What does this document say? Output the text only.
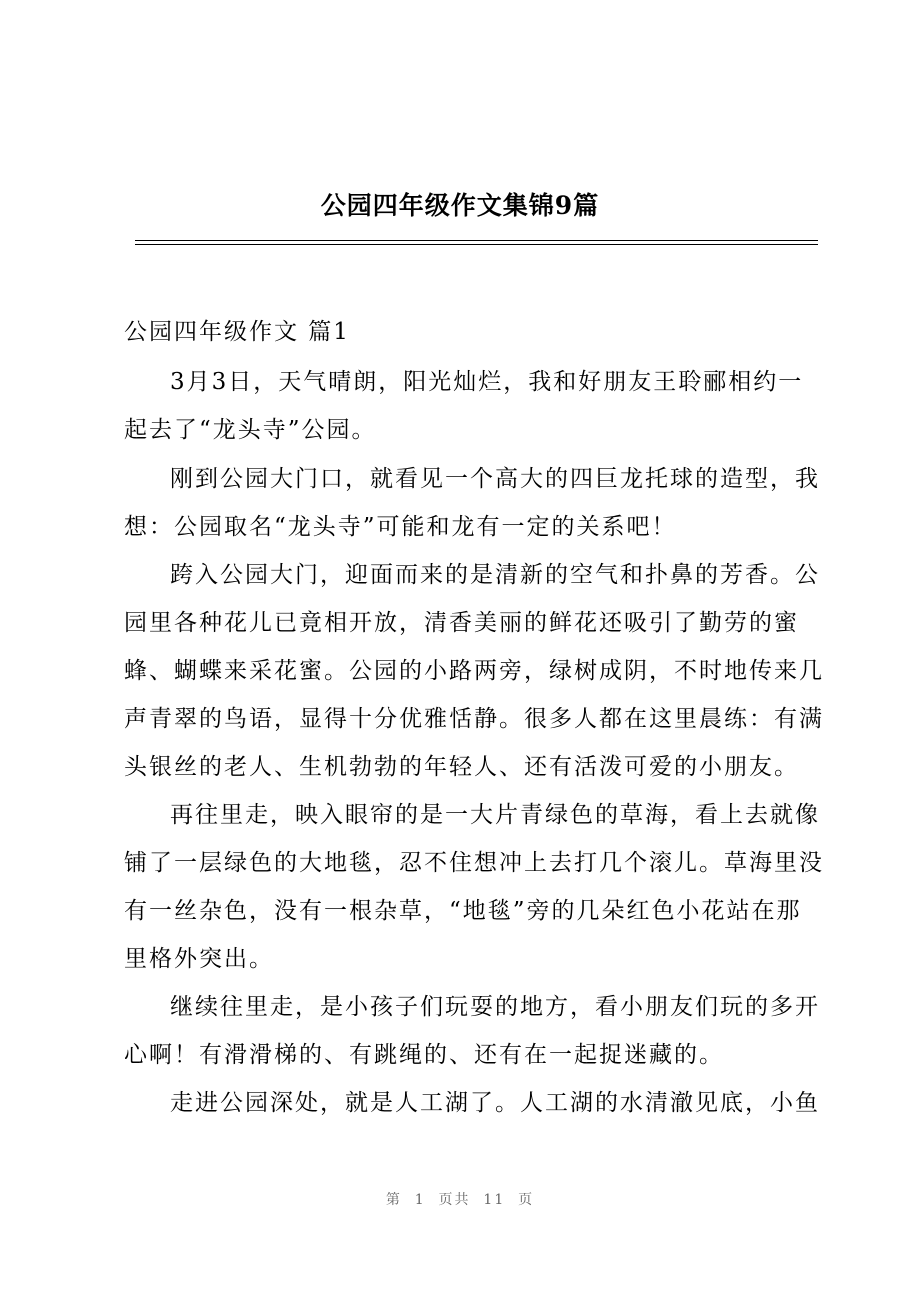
公园四年级作文集锦9篇
公园四年级作文 篇1
3月3日，天气晴朗，阳光灿烂，我和好朋友王聆郦相约一
起去了“龙头寺”公园。
刚到公园大门口，就看见一个高大的四巨龙托球的造型，我
想：公园取名“龙头寺”可能和龙有一定的关系吧！
跨入公园大门，迎面而来的是清新的空气和扑鼻的芳香。公
园里各种花儿已竟相开放，清香美丽的鲜花还吸引了勤劳的蜜
蜂、蝴蝶来采花蜜。公园的小路两旁，绿树成阴，不时地传来几
声青翠的鸟语，显得十分优雅恬静。很多人都在这里晨练：有满
头银丝的老人、生机勃勃的年轻人、还有活泼可爱的小朋友。
再往里走，映入眼帘的是一大片青绿色的草海，看上去就像
铺了一层绿色的大地毯，忍不住想冲上去打几个滚儿。草海里没
有一丝杂色，没有一根杂草，“地毯”旁的几朵红色小花站在那
里格外突出。
继续往里走，是小孩子们玩耍的地方，看小朋友们玩的多开
心啊！有滑滑梯的、有跳绳的、还有在一起捉迷藏的。
走进公园深处，就是人工湖了。人工湖的水清澈见底，小鱼
第  1  页共  11  页
